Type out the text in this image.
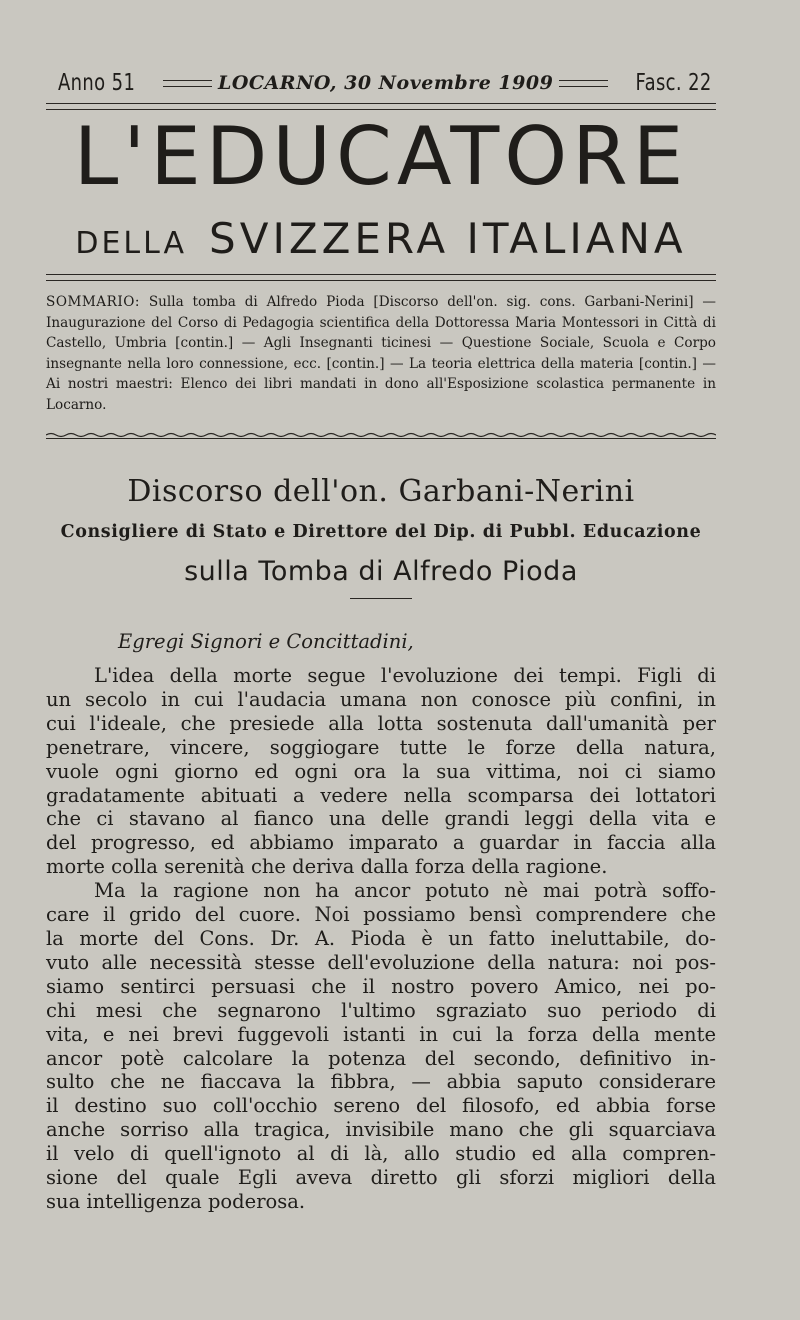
Anno 51	LOCARNO, 30 Novembre 1909	Fasc. 22
L'EDUCATORE
DELLA SVIZZERA ITALIANA
SOMMARIO: Sulla tomba di Alfredo Pioda [Discorso dell'on. sig. cons. Garbani-Nerini] — Inaugurazione del Corso di Pedagogia scientifica della Dottoressa Maria Montessori in Città di Castello, Umbria [contin.] — Agli Insegnanti ticinesi — Questione Sociale, Scuola e Corpo insegnante nella loro connessione, ecc. [contin.] — La teoria elettrica della materia [contin.] — Ai nostri maestri: Elenco dei libri mandati in dono all'Esposizione scolastica permanente in Locarno.
Discorso dell'on. Garbani-Nerini
Consigliere di Stato e Direttore del Dip. di Pubbl. Educazione
sulla Tomba di Alfredo Pioda
Egregi Signori e Concittadini,

L'idea della morte segue l'evoluzione dei tempi. Figli di
un secolo in cui l'audacia umana non conosce più confini, in
cui l'ideale, che presiede alla lotta sostenuta dall'umanità per
penetrare, vincere, soggiogare tutte le forze della natura,
vuole ogni giorno ed ogni ora la sua vittima, noi ci siamo
gradatamente abituati a vedere nella scomparsa dei lottatori
che ci stavano al fianco una delle grandi leggi della vita e
del progresso, ed abbiamo imparato a guardar in faccia alla
morte colla serenità che deriva dalla forza della ragione.

Ma la ragione non ha ancor potuto nè mai potrà soffo-
care il grido del cuore. Noi possiamo bensì comprendere che
la morte del Cons. Dr. A. Pioda è un fatto ineluttabile, do-
vuto alle necessità stesse dell'evoluzione della natura: noi pos-
siamo sentirci persuasi che il nostro povero Amico, nei po-
chi mesi che segnarono l'ultimo sgraziato suo periodo di
vita, e nei brevi fuggevoli istanti in cui la forza della mente
ancor potè calcolare la potenza del secondo, definitivo in-
sulto che ne fiaccava la fibbra, — abbia saputo considerare
il destino suo coll'occhio sereno del filosofo, ed abbia forse
anche sorriso alla tragica, invisibile mano che gli squarciava
il velo di quell'ignoto al di là, allo studio ed alla compren-
sione del quale Egli aveva diretto gli sforzi migliori della
sua intelligenza poderosa.
